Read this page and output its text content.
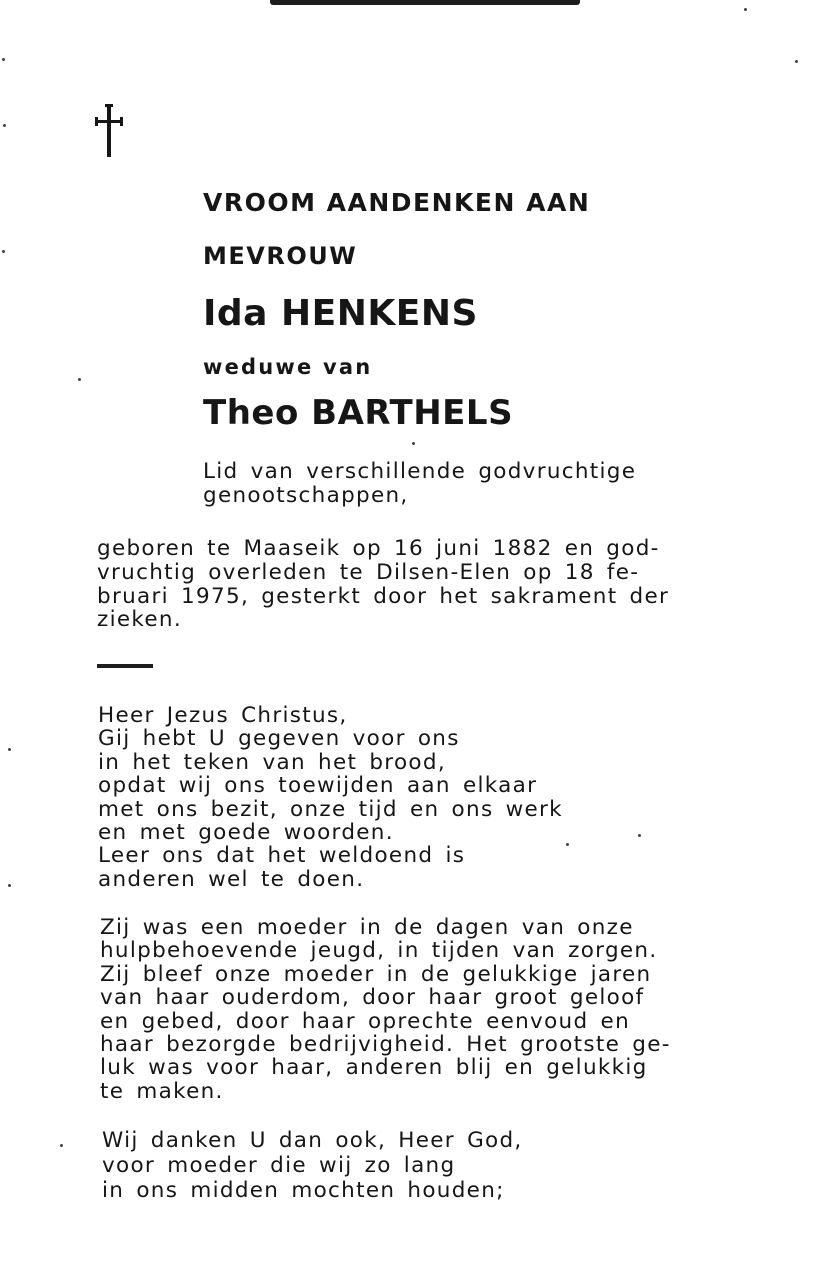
VROOM AANDENKEN AAN
MEVROUW
Ida HENKENS
weduwe van
Theo BARTHELS
Lid van verschillende godvruchtige
genootschappen,
geboren te Maaseik op 16 juni 1882 en god-
vruchtig overleden te Dilsen-Elen op 18 fe-
bruari 1975, gesterkt door het sakrament der
zieken.
Heer Jezus Christus,
Gij hebt U gegeven voor ons
in het teken van het brood,
opdat wij ons toewijden aan elkaar
met ons bezit, onze tijd en ons werk
en met goede woorden.
Leer ons dat het weldoend is
anderen wel te doen.
Zij was een moeder in de dagen van onze
hulpbehoevende jeugd, in tijden van zorgen.
Zij bleef onze moeder in de gelukkige jaren
van haar ouderdom, door haar groot geloof
en gebed, door haar oprechte eenvoud en
haar bezorgde bedrijvigheid. Het grootste ge-
luk was voor haar, anderen blij en gelukkig
te maken.
Wij danken U dan ook, Heer God,
voor moeder die wij zo lang
in ons midden mochten houden;
